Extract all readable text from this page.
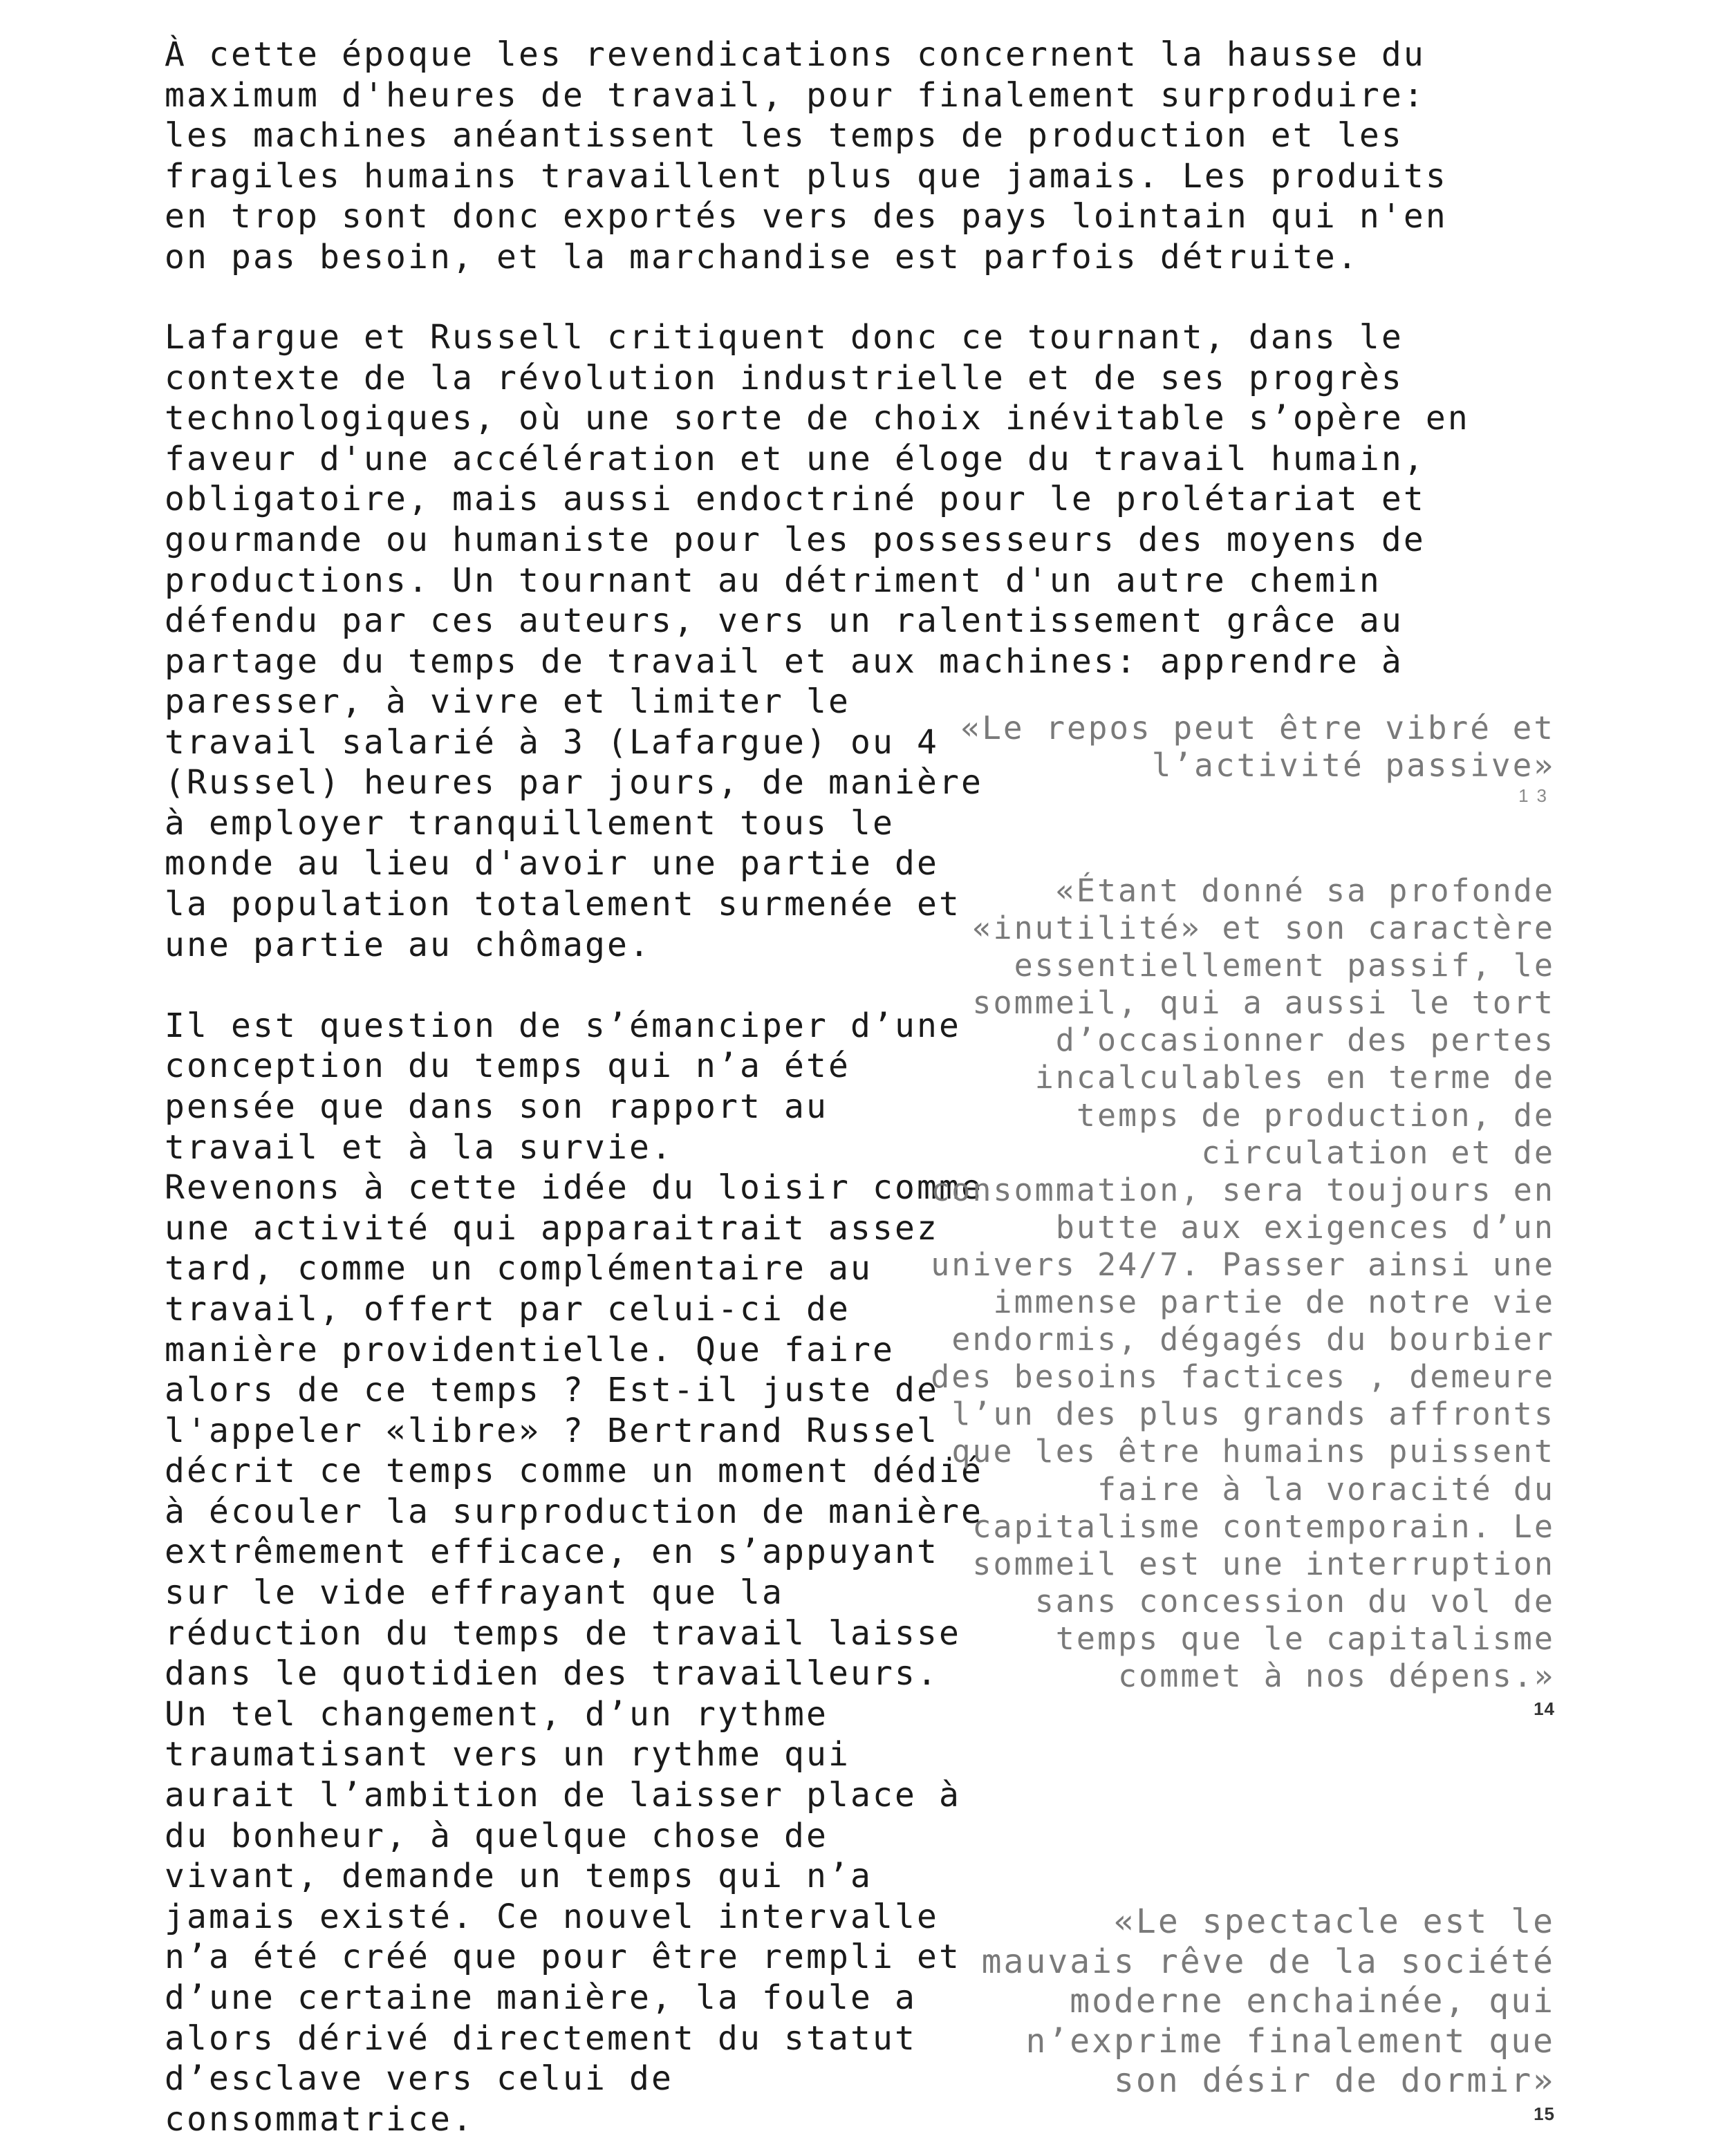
À cette époque les revendications concernent la hausse du
maximum d'heures de travail, pour finalement surproduire:
les machines anéantissent les temps de production et les
fragiles humains travaillent plus que jamais. Les produits
en trop sont donc exportés vers des pays lointain qui n'en
on pas besoin, et la marchandise est parfois détruite.

Lafargue et Russell critiquent donc ce tournant, dans le
contexte de la révolution industrielle et de ses progrès
technologiques, où une sorte de choix inévitable s’opère en
faveur d'une accélération et une éloge du travail humain,
obligatoire, mais aussi endoctriné pour le prolétariat et
gourmande ou humaniste pour les possesseurs des moyens de
productions. Un tournant au détriment d'un autre chemin
défendu par ces auteurs, vers un ralentissement grâce au
partage du temps de travail et aux machines: apprendre à

paresser, à vivre et limiter le
travail salarié à 3 (Lafargue) ou 4
(Russel) heures par jours, de manière
à employer tranquillement tous le
monde au lieu d'avoir une partie de
la population totalement surmenée et
une partie au chômage.
Il est question de s’émanciper d’une
conception du temps qui n’a été
pensée que dans son rapport au
travail et à la survie.
Revenons à cette idée du loisir comme
une activité qui apparaitrait assez
tard, comme un complémentaire au
travail, offert par celui-ci de
manière providentielle. Que faire
alors de ce temps ? Est-il juste de
l'appeler «libre» ? Bertrand Russel
décrit ce temps comme un moment dédié
à écouler la surproduction de manière
extrêmement efficace, en s’appuyant
sur le vide effrayant que la
réduction du temps de travail laisse
dans le quotidien des travailleurs.
Un tel changement, d’un rythme
traumatisant vers un rythme qui
aurait l’ambition de laisser place à
du bonheur, à quelque chose de
vivant, demande un temps qui n’a
jamais existé. Ce nouvel intervalle
n’a été créé que pour être rempli et
d’une certaine manière, la foule a
alors dérivé directement du statut
d’esclave vers celui de
consommatrice.
«Le repos peut être vibré et
l’activité passive»
13
«Étant donné sa profonde
«inutilité» et son caractère
essentiellement passif, le
sommeil, qui a aussi le tort
d’occasionner des pertes
incalculables en terme de
temps de production, de
circulation et de
consommation, sera toujours en
butte aux exigences d’un
univers 24/7. Passer ainsi une
immense partie de notre vie
endormis, dégagés du bourbier
des besoins factices , demeure
l’un des plus grands affronts
que les être humains puissent
faire à la voracité du
capitalisme contemporain. Le
sommeil est une interruption
sans concession du vol de
temps que le capitalisme
commet à nos dépens.»
14
«Le spectacle est le
mauvais rêve de la société
moderne enchainée, qui
n’exprime finalement que
son désir de dormir»
15
